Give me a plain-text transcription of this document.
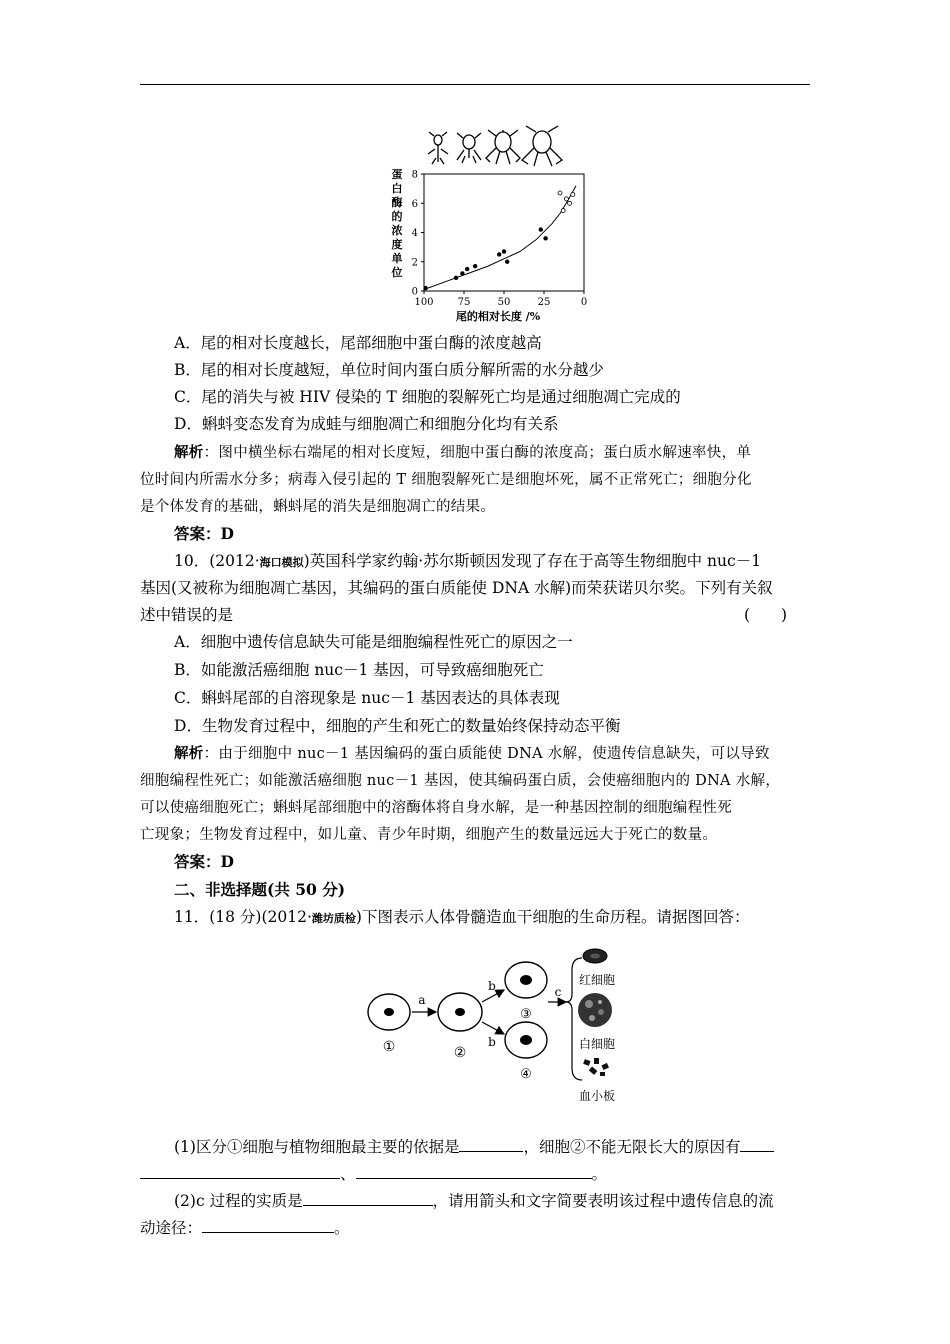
尾的相对长度 /%
蛋
白
酶
的
浓
度
单
位
100 75	50	25	0
0
2
4
6
8
A．尾的相对长度越长，尾部细胞中蛋白酶的浓度越高
B．尾的相对长度越短，单位时间内蛋白质分解所需的水分越少
C．尾的消失与被 HIV 侵染的 T 细胞的裂解死亡均是通过细胞凋亡完成的
D．蝌蚪变态发育为成蛙与细胞凋亡和细胞分化均有关系
解析：图中横坐标右端尾的相对长度短，细胞中蛋白酶的浓度高；蛋白质水解速率快，单
位时间内所需水分多；病毒入侵引起的 T 细胞裂解死亡是细胞坏死，属不正常死亡；细胞分化
是个体发育的基础，蝌蚪尾的消失是细胞凋亡的结果。
答案：D
10．(2012·海口模拟)英国科学家约翰·苏尔斯顿因发现了存在于高等生物细胞中 nuc－1
基因(又被称为细胞凋亡基因，其编码的蛋白质能使 DNA 水解)而荣获诺贝尔奖。下列有关叙
述中错误的是	(　　)
A．细胞中遗传信息缺失可能是细胞编程性死亡的原因之一
B．如能激活癌细胞 nuc－1 基因，可导致癌细胞死亡
C．蝌蚪尾部的自溶现象是 nuc－1 基因表达的具体表现
D．生物发育过程中，细胞的产生和死亡的数量始终保持动态平衡
解析：由于细胞中 nuc－1 基因编码的蛋白质能使 DNA 水解，使遗传信息缺失，可以导致
细胞编程性死亡；如能激活癌细胞 nuc－1 基因，使其编码蛋白质，会使癌细胞内的 DNA 水解，
可以使癌细胞死亡；蝌蚪尾部细胞中的溶酶体将自身水解，是一种基因控制的细胞编程性死
亡现象；生物发育过程中，如儿童、青少年时期，细胞产生的数量远远大于死亡的数量。
答案：D
二、非选择题(共 50 分)
11．(18 分)(2012·潍坊质检)下图表示人体骨髓造血干细胞的生命历程。请据图回答：
①
a
②
b
b
③
④
c
红细胞
白细胞
血小板
(1)区分①细胞与植物细胞最主要的依据是	，细胞②不能无限长大的原因有
、	。
(2)c 过程的实质是	，请用箭头和文字简要表明该过程中遗传信息的流
动途径：	。
